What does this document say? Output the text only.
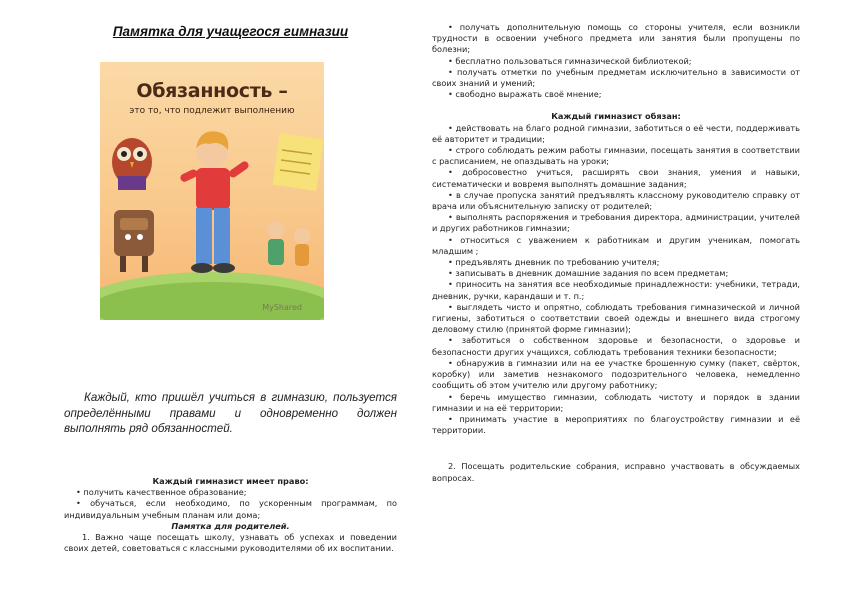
Памятка для учащегося гимназии
Обязанность –
это то, что подлежит выполнению
MyShared

Каждый, кто пришёл учиться в гимназию, пользуется определёнными правами и одновременно должен выполнять ряд обязанностей.

Каждый гимназист имеет право:
• получить качественное образование;
• обучаться, если необходимо, по ускоренным программам, по индивидуальным учебным планам или дома;
Памятка для родителей.
1. Важно чаще посещать школу, узнавать об успехах и поведении своих детей, советоваться с классными руководителями об их воспитании.
• получать дополнительную помощь со стороны учителя, если возникли трудности в освоении учебного предмета или занятия были пропущены по болезни;
• бесплатно пользоваться гимназической библиотекой;
• получать отметки по учебным предметам исключительно в зависимости от своих знаний и умений;
• свободно выражать своё мнение;
Каждый гимназист обязан:
• действовать на благо родной гимназии, заботиться о её чести, поддерживать её авторитет и традиции;
• строго соблюдать режим работы гимназии, посещать занятия в соответствии с расписанием, не опаздывать на уроки;
• добросовестно учиться, расширять свои знания, умения и навыки, систематически и вовремя выполнять домашние задания;
• в случае пропуска занятий предъявлять классному руководителю справку от врача или объяснительную записку от родителей;
• выполнять распоряжения и требования директора, администрации, учителей и других работников гимназии;
• относиться с уважением к работникам и другим ученикам, помогать младшим ;
• предъявлять дневник по требованию учителя;
• записывать в дневник домашние задания по всем предметам;
• приносить на занятия все необходимые принадлежности: учебники, тетради, дневник, ручки, карандаши и т. п.;
• выглядеть чисто и опрятно, соблюдать требования гимназической и личной гигиены, заботиться о соответствии своей одежды и внешнего вида строгому деловому стилю (принятой форме гимназии);
• заботиться о собственном здоровье и безопасности, о здоровье и безопасности других учащихся, соблюдать требования техники безопасности;
• обнаружив в гимназии или на ее участке брошенную сумку (пакет, свёрток, коробку) или заметив незнакомого подозрительного человека, немедленно сообщить об этом учителю или другому работнику;
• беречь имущество гимназии, соблюдать чистоту и порядок в здании гимназии и на её территории;
• принимать участие в мероприятиях по благоустройству гимназии и её территории.
2. Посещать родительские собрания, исправно участвовать в обсуждаемых вопросах.
